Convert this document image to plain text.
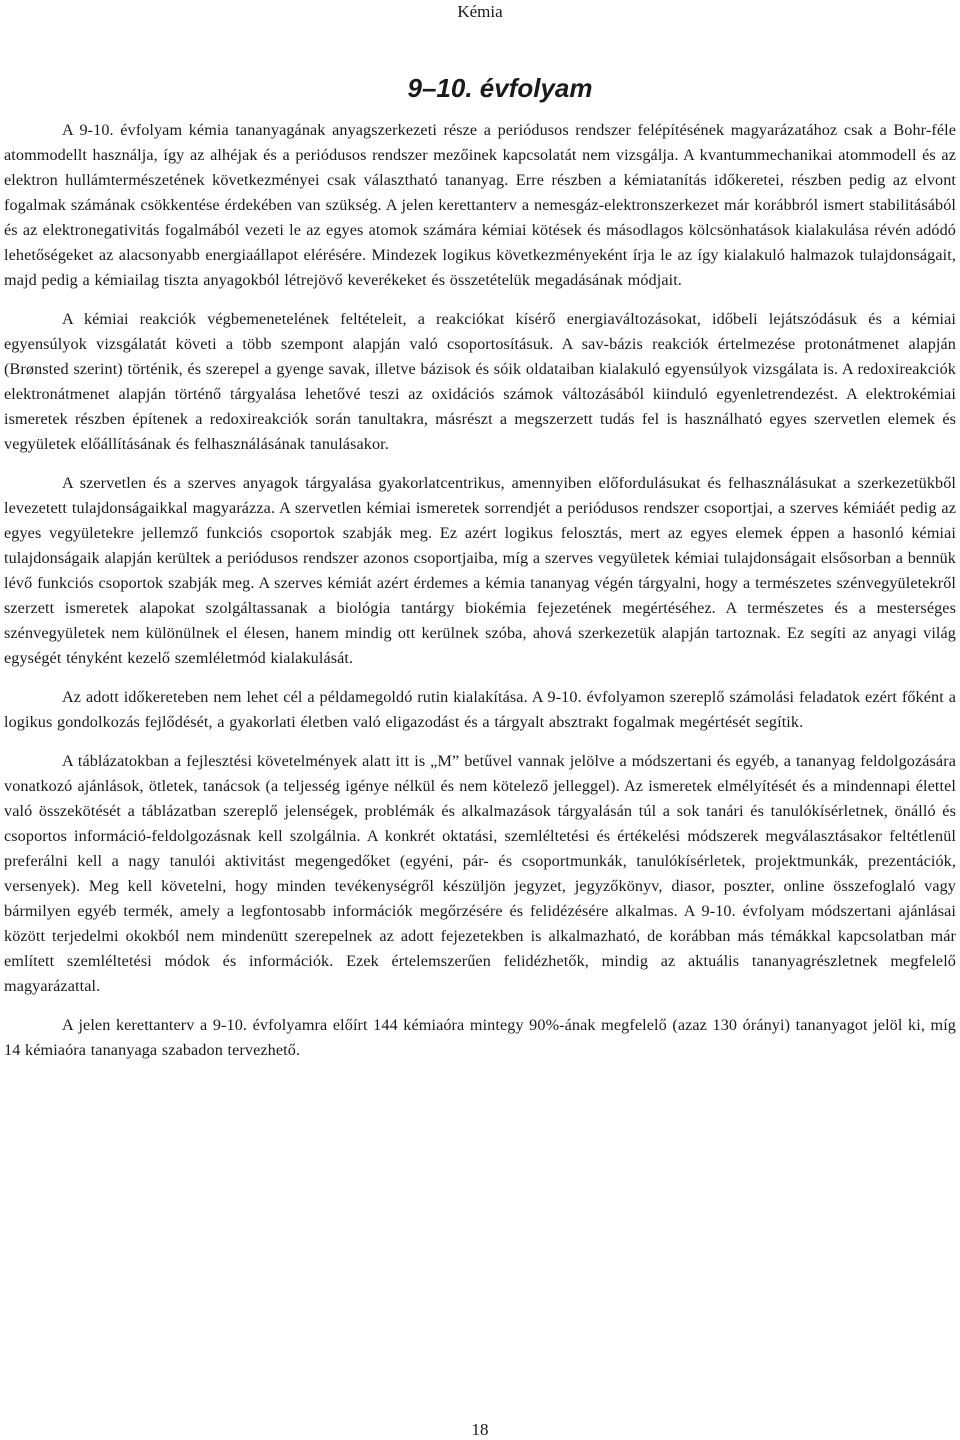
Kémia
9–10. évfolyam

A 9-10. évfolyam kémia tananyagának anyagszerkezeti része a periódusos rendszer felépítésének magyarázatához csak a Bohr-féle atommodellt használja, így az alhéjak és a periódusos rendszer mezőinek kapcsolatát nem vizsgálja. A kvantummechanikai atommodell és az elektron hullámtermészetének következményei csak választható tananyag. Erre részben a kémiatanítás időkeretei, részben pedig az elvont fogalmak számának csökkentése érdekében van szükség. A jelen kerettanterv a nemesgáz-elektronszerkezet már korábbról ismert stabilitásából és az elektronegativitás fogalmából vezeti le az egyes atomok számára kémiai kötések és másodlagos kölcsönhatások kialakulása révén adódó lehetőségeket az alacsonyabb energiaállapot elérésére. Mindezek logikus következményeként írja le az így kialakuló halmazok tulajdonságait, majd pedig a kémiailag tiszta anyagokból létrejövő keverékeket és összetételük megadásának módjait.

A kémiai reakciók végbemenetelének feltételeit, a reakciókat kísérő energiaváltozásokat, időbeli lejátszódásuk és a kémiai egyensúlyok vizsgálatát követi a több szempont alapján való csoportosításuk. A sav-bázis reakciók értelmezése protonátmenet alapján (Brønsted szerint) történik, és szerepel a gyenge savak, illetve bázisok és sóik oldataiban kialakuló egyensúlyok vizsgálata is. A redoxireakciók elektronátmenet alapján történő tárgyalása lehetővé teszi az oxidációs számok változásából kiinduló egyenletrendezést. A elektrokémiai ismeretek részben építenek a redoxireakciók során tanultakra, másrészt a megszerzett tudás fel is használható egyes szervetlen elemek és vegyületek előállításának és felhasználásának tanulásakor.

A szervetlen és a szerves anyagok tárgyalása gyakorlatcentrikus, amennyiben előfordulásukat és felhasználásukat a szerkezetükből levezetett tulajdonságaikkal magyarázza. A szervetlen kémiai ismeretek sorrendjét a periódusos rendszer csoportjai, a szerves kémiáét pedig az egyes vegyületekre jellemző funkciós csoportok szabják meg. Ez azért logikus felosztás, mert az egyes elemek éppen a hasonló kémiai tulajdonságaik alapján kerültek a periódusos rendszer azonos csoportjaiba, míg a szerves vegyületek kémiai tulajdonságait elsősorban a bennük lévő funkciós csoportok szabják meg. A szerves kémiát azért érdemes a kémia tananyag végén tárgyalni, hogy a természetes szénvegyületekről szerzett ismeretek alapokat szolgáltassanak a biológia tantárgy biokémia fejezetének megértéséhez. A természetes és a mesterséges szénvegyületek nem különülnek el élesen, hanem mindig ott kerülnek szóba, ahová szerkezetük alapján tartoznak. Ez segíti az anyagi világ egységét tényként kezelő szemléletmód kialakulását.

Az adott időkereteben nem lehet cél a példamegoldó rutin kialakítása. A 9-10. évfolyamon szereplő számolási feladatok ezért főként a logikus gondolkozás fejlődését, a gyakorlati életben való eligazodást és a tárgyalt absztrakt fogalmak megértését segítik.

A táblázatokban a fejlesztési követelmények alatt itt is „M” betűvel vannak jelölve a módszertani és egyéb, a tananyag feldolgozására vonatkozó ajánlások, ötletek, tanácsok (a teljesség igénye nélkül és nem kötelező jelleggel). Az ismeretek elmélyítését és a mindennapi élettel való összekötését a táblázatban szereplő jelenségek, problémák és alkalmazások tárgyalásán túl a sok tanári és tanulókísérletnek, önálló és csoportos információ-feldolgozásnak kell szolgálnia. A konkrét oktatási, szemléltetési és értékelési módszerek megválasztásakor feltétlenül preferálni kell a nagy tanulói aktivitást megengedőket (egyéni, pár- és csoportmunkák, tanulókísérletek, projektmunkák, prezentációk, versenyek). Meg kell követelni, hogy minden tevékenységről készüljön jegyzet, jegyzőkönyv, diasor, poszter, online összefoglaló vagy bármilyen egyéb termék, amely a legfontosabb információk megőrzésére és felidézésére alkalmas. A 9-10. évfolyam módszertani ajánlásai között terjedelmi okokból nem mindenütt szerepelnek az adott fejezetekben is alkalmazható, de korábban más témákkal kapcsolatban már említett szemléltetési módok és információk. Ezek értelemszerűen felidézhetők, mindig az aktuális tananyagrészletnek megfelelő magyarázattal.

A jelen kerettanterv a 9-10. évfolyamra előírt 144 kémiaóra mintegy 90%-ának megfelelő (azaz 130 órányi) tananyagot jelöl ki, míg 14 kémiaóra tananyaga szabadon tervezhető.

18
